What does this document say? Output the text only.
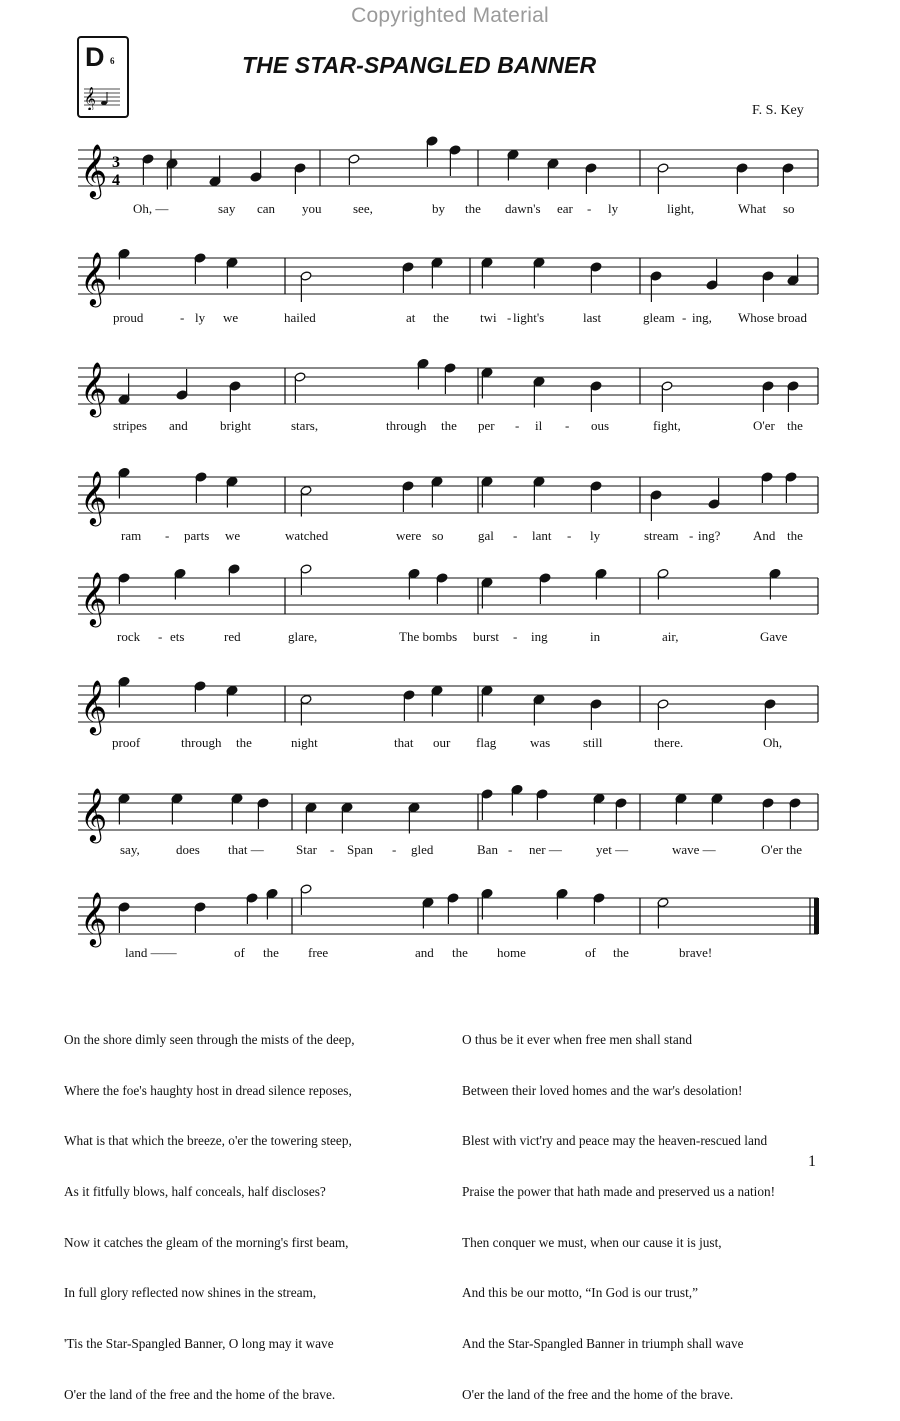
Copyrighted Material
D 6
𝄞
THE STAR-SPANGLED BANNER
F. S. Key
𝄞 3
4
Oh, —	say can you see,	by the dawn's ear - ly	light,	What so
𝄞
proud	- ly we	hailed	at the twi - light's	last	gleam - ing, Whose broad
𝄞
stripes and bright	stars,	through the per - il - ous	fight,	O'er the
𝄞
ram - parts we	watched	were so	gal - lant - ly	stream - ing?	And the
𝄞
rock - ets	red	glare,	The bombs burst - ing	in	air,	Gave
𝄞
proof	through the	night	that our flag	was	still	there.	Oh,
𝄞
say,	does that — Star - Span - gled	Ban - ner —	yet —	wave —	O'er the
𝄞
land ——	of the free	and the home	of the	brave!

On the shore dimly seen through the mists of the deep,

Where the foe's haughty host in dread silence reposes,

What is that which the breeze, o'er the towering steep,

As it fitfully blows, half conceals, half discloses?

Now it catches the gleam of the morning's first beam,

In full glory reflected now shines in the stream,

'Tis the Star-Spangled Banner, O long may it wave

O'er the land of the free and the home of the brave.

O thus be it ever when free men shall stand

Between their loved homes and the war's desolation!

Blest with vict'ry and peace may the heaven-rescued land

Praise the power that hath made and preserved us a nation!

Then conquer we must, when our cause it is just,

And this be our motto, “In God is our trust,”

And the Star-Spangled Banner in triumph shall wave

O'er the land of the free and the home of the brave.

1
